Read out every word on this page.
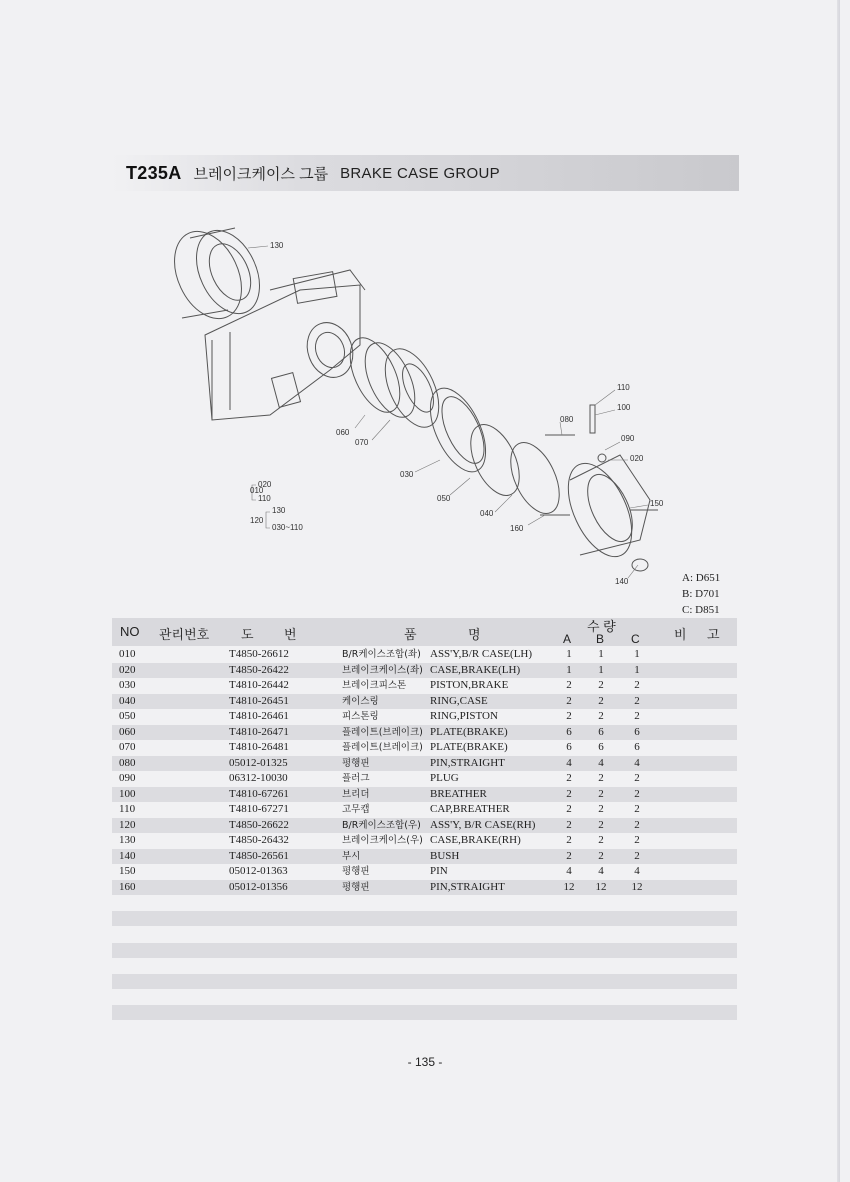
T235A 브레이크케이스 그룹 BRAKE CASE GROUP
130
110
100
080
090
020
150
060
070
030
050
040
160
140
010
020
110
120
130
030~110
A: D651
B: D701
C: D851
NO 관리번호 도 번	품	명
수 량
A B C	비 고
010	T4850-26612	B/R케이스조합(좌) ASS'Y,B/R CASE(LH)	1	1	1
020	T4850-26422	브레이크케이스(좌) CASE,BRAKE(LH)	1	1	1
030	T4810-26442	브레이크피스톤 PISTON,BRAKE	2	2	2
040	T4810-26451	케이스링	RING,CASE	2	2	2
050	T4810-26461	피스톤링	RING,PISTON	2	2	2
060	T4810-26471	플레이트(브레이크) PLATE(BRAKE)	6	6	6
070	T4810-26481	플레이트(브레이크) PLATE(BRAKE)	6	6	6
080	05012-01325	평행핀	PIN,STRAIGHT	4	4	4
090	06312-10030	플러그	PLUG	2	2	2
100	T4810-67261	브리더	BREATHER	2	2	2
110	T4810-67271	고무캡	CAP,BREATHER	2	2	2
120	T4850-26622	B/R케이스조합(우) ASS'Y, B/R CASE(RH)	2	2	2
130	T4850-26432	브레이크케이스(우) CASE,BRAKE(RH)	2	2	2
140	T4850-26561	부시	BUSH	2	2	2
150	05012-01363	평행핀	PIN	4	4	4
160	05012-01356	평행핀	PIN,STRAIGHT	12 12 12
- 135 -
